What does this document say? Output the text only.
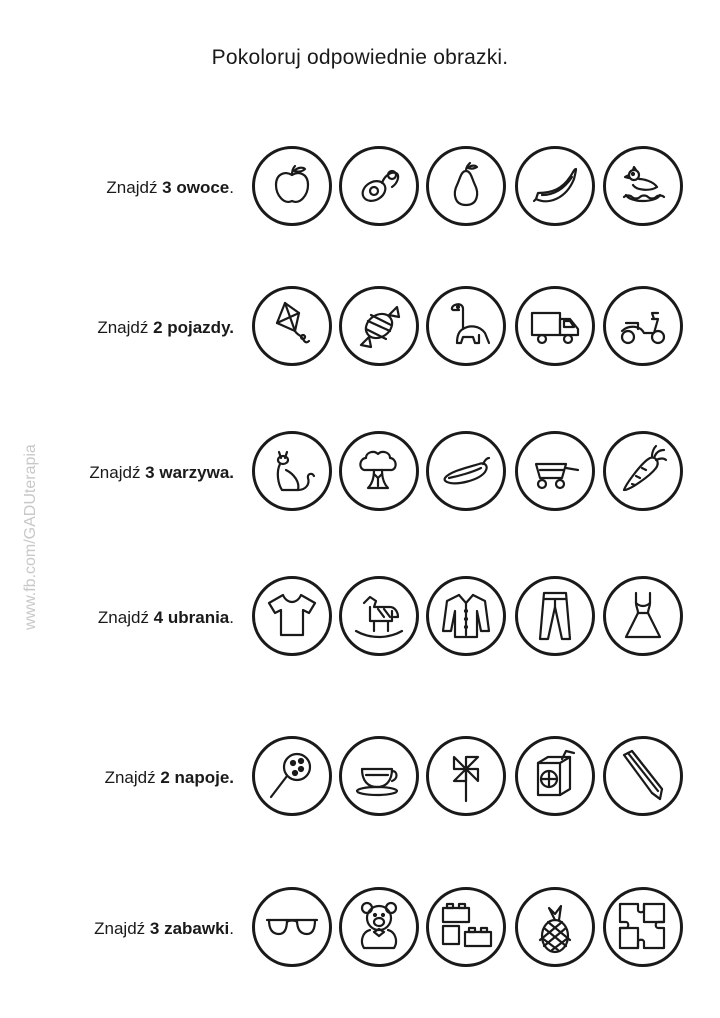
Pokoloruj odpowiednie obrazki.
www.fb.com/GADUterapia
Znajdź 3 owoce.
Znajdź 2 pojazdy.
Znajdź 3 warzywa.
Znajdź 4 ubrania.
Znajdź 2 napoje.
Znajdź 3 zabawki.
